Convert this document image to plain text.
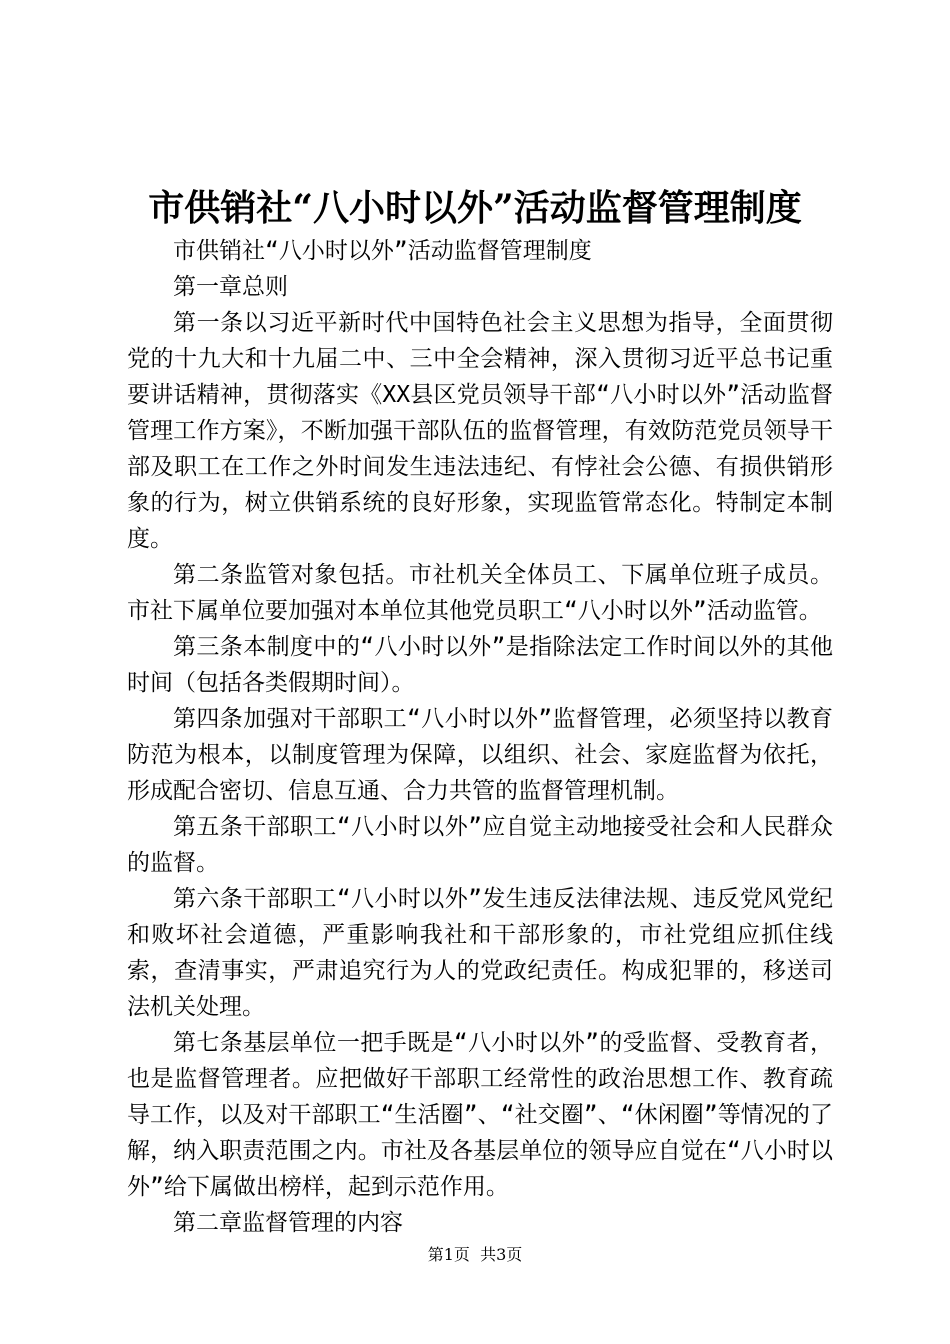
市供销社“八小时以外”活动监督管理制度

市供销社“八小时以外”活动监督管理制度

第一章总则

第一条以习近平新时代中国特色社会主义思想为指导，全面贯彻党的十九大和十九届二中、三中全会精神，深入贯彻习近平总书记重要讲话精神，贯彻落实《XX县区党员领导干部“八小时以外”活动监督管理工作方案》，不断加强干部队伍的监督管理，有效防范党员领导干部及职工在工作之外时间发生违法违纪、有悖社会公德、有损供销形象的行为，树立供销系统的良好形象，实现监管常态化。特制定本制度。

第二条监管对象包括。市社机关全体员工、下属单位班子成员。市社下属单位要加强对本单位其他党员职工“八小时以外”活动监管。

第三条本制度中的“八小时以外”是指除法定工作时间以外的其他时间（包括各类假期时间）。

第四条加强对干部职工“八小时以外”监督管理，必须坚持以教育防范为根本，以制度管理为保障，以组织、社会、家庭监督为依托，形成配合密切、信息互通、合力共管的监督管理机制。

第五条干部职工“八小时以外”应自觉主动地接受社会和人民群众的监督。

第六条干部职工“八小时以外”发生违反法律法规、违反党风党纪和败坏社会道德，严重影响我社和干部形象的，市社党组应抓住线索，查清事实，严肃追究行为人的党政纪责任。构成犯罪的，移送司法机关处理。

第七条基层单位一把手既是“八小时以外”的受监督、受教育者，也是监督管理者。应把做好干部职工经常性的政治思想工作、教育疏导工作，以及对干部职工“生活圈”、“社交圈”、“休闲圈”等情况的了解，纳入职责范围之内。市社及各基层单位的领导应自觉在“八小时以外”给下属做出榜样，起到示范作用。

第二章监督管理的内容

第1页 共3页
